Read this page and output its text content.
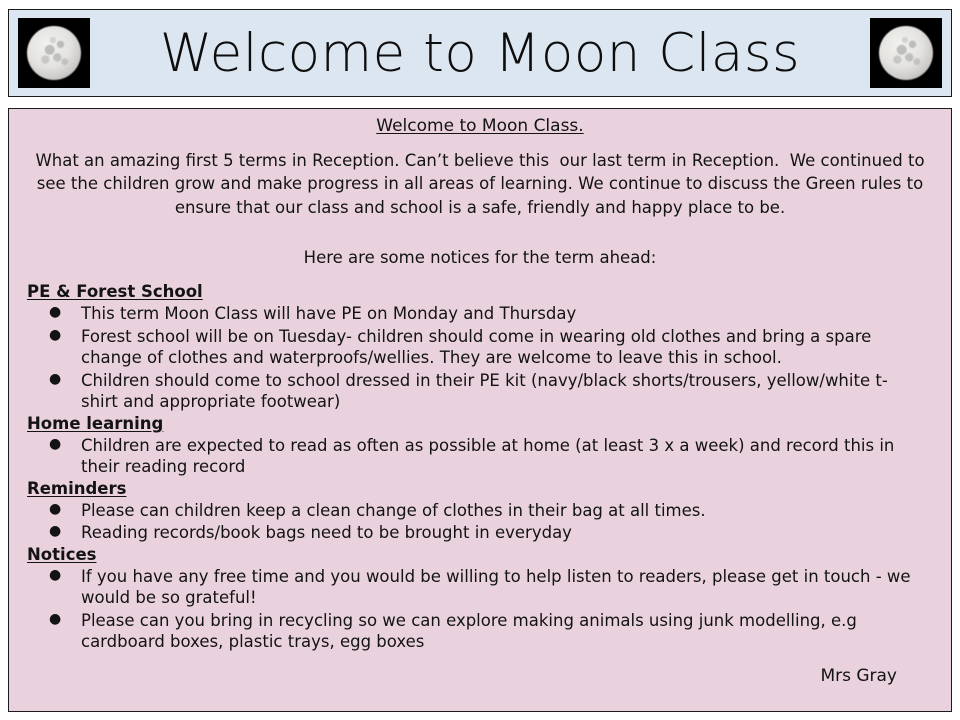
Welcome to Moon Class
Welcome to Moon Class.
What an amazing first 5 terms in Reception. Can’t believe this  our last term in Reception.  We continued to see the children grow and make progress in all areas of learning. We continue to discuss the Green rules to ensure that our class and school is a safe, friendly and happy place to be.
Here are some notices for the term ahead:
PE & Forest School
● This term Moon Class will have PE on Monday and Thursday
● Forest school will be on Tuesday- children should come in wearing old clothes and bring a spare change of clothes and waterproofs/wellies. They are welcome to leave this in school.
● Children should come to school dressed in their PE kit (navy/black shorts/trousers, yellow/white t-shirt and appropriate footwear)
Home learning
● Children are expected to read as often as possible at home (at least 3 x a week) and record this in their reading record
Reminders
● Please can children keep a clean change of clothes in their bag at all times.
● Reading records/book bags need to be brought in everyday
Notices
● If you have any free time and you would be willing to help listen to readers, please get in touch - we would be so grateful!
● Please can you bring in recycling so we can explore making animals using junk modelling, e.g cardboard boxes, plastic trays, egg boxes
Mrs Gray
